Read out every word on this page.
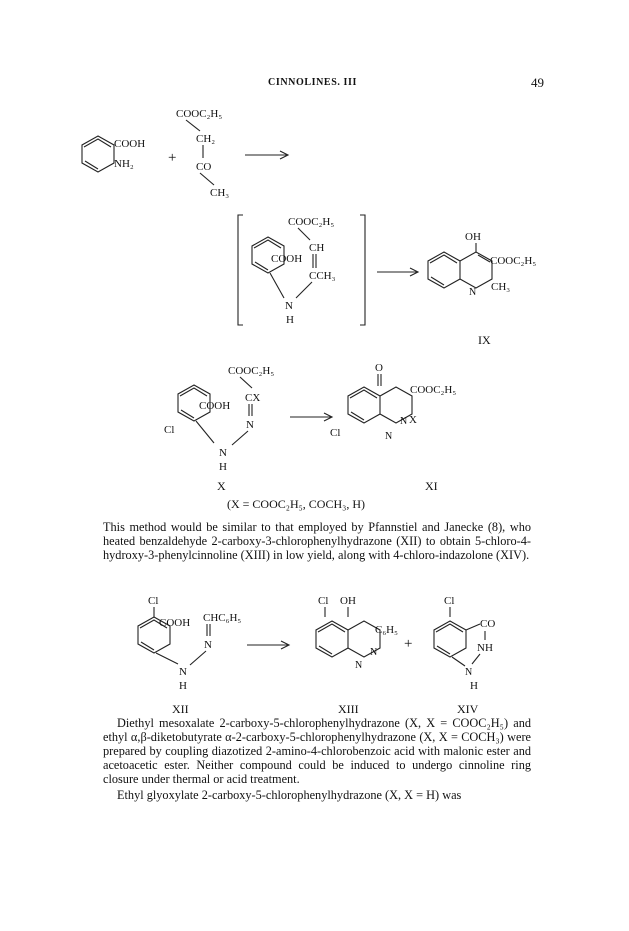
CINNOLINES. III	49
COOH
NH₂ +
COOC₂H₅
CH₂
CO
CH₃
COOC₂H₅
COOH
CH
CCH₃
N
H
OH
COOC₂H₅
N CH₃
IX
COOC₂H₅
COOH
CX
N
Cl
N
H
X
O
COOC₂H₅
X
Cl
N
N
XI
(X = COOC₂H₅, COCH₃, H)
Cl
COOH CHC₆H₅
N
N
H
XII
Cl OH
C₆H₅
N
N
XIII
+
Cl
CO
NH
N
H
XIV

This method would be similar to that employed by Pfannstiel and Janecke (8), who heated benzaldehyde 2-carboxy-3-chlorophenylhydrazone (XII) to obtain 5-chloro-4-hydroxy-3-phenylcinnoline (XIII) in low yield, along with 4-chloro-indazolone (XIV).

Diethyl mesoxalate 2-carboxy-5-chlorophenylhydrazone (X, X = COOC₂H₅) and ethyl α,β-diketobutyrate α-2-carboxy-5-chlorophenylhydrazone (X, X = COCH₃) were prepared by coupling diazotized 2-amino-4-chlorobenzoic acid with malonic ester and acetoacetic ester. Neither compound could be induced to undergo cinnoline ring closure under thermal or acid treatment.

Ethyl glyoxylate 2-carboxy-5-chlorophenylhydrazone (X, X = H) was
